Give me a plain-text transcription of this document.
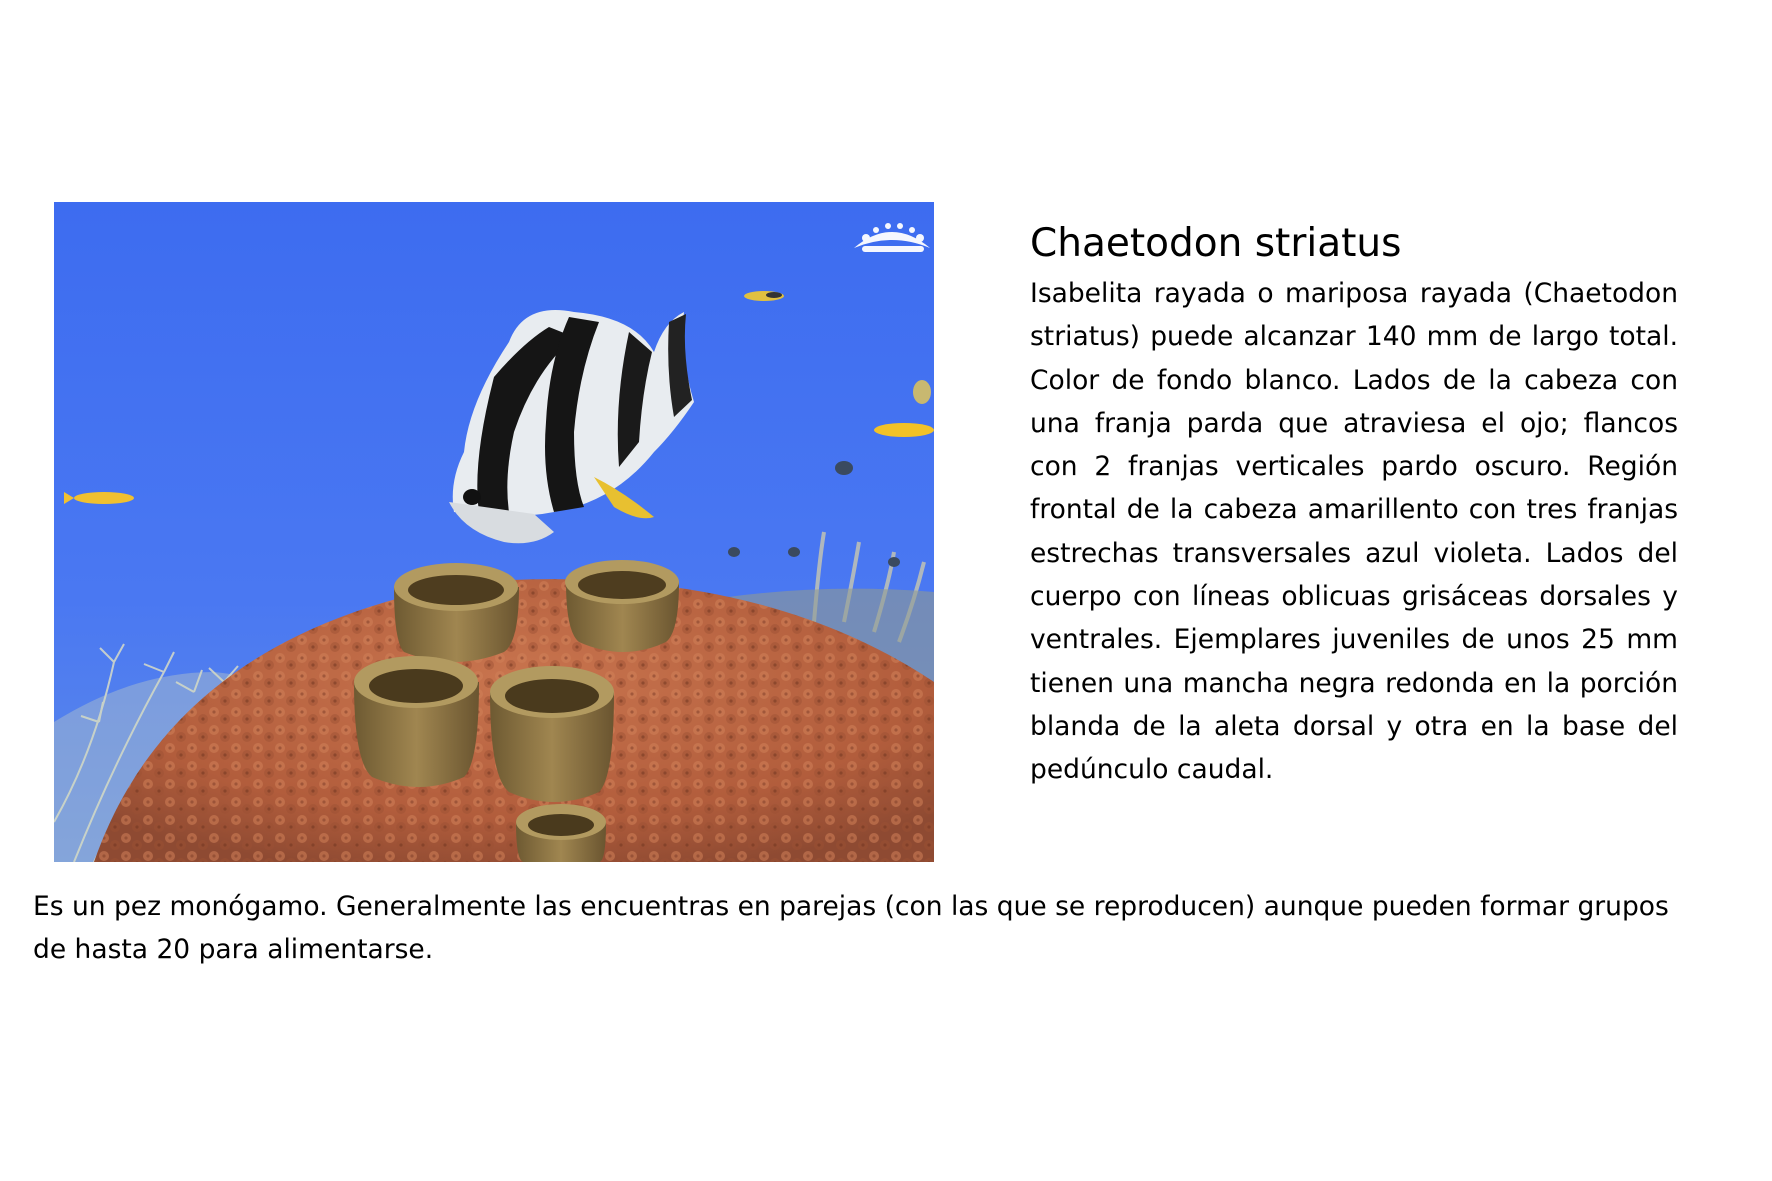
Chaetodon striatus

Isabelita rayada o mariposa rayada (Chaetodon striatus) puede alcanzar 140 mm de largo total. Color de fondo blanco. Lados de la cabeza con una franja parda que atraviesa el ojo; flancos con 2 franjas verticales pardo oscuro. Región frontal de la cabeza amarillento con tres franjas estrechas transversales azul violeta. Lados del cuerpo con líneas oblicuas grisáceas dorsales y ventrales. Ejemplares juveniles de unos 25 mm tienen una mancha negra redonda en la porción blanda de la aleta dorsal y otra en la base del pedúnculo caudal.

Es un pez monógamo. Generalmente las encuentras en parejas (con las que se reproducen) aunque pueden formar grupos de hasta 20 para alimentarse.
